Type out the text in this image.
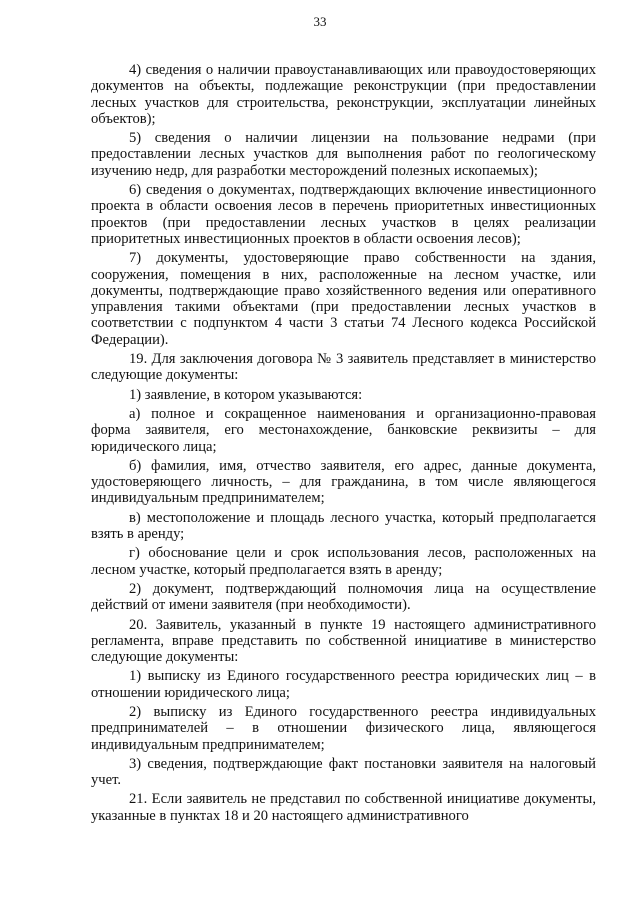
33

4) сведения о наличии правоустанавливающих или правоудостоверяющих документов на объекты, подлежащие реконструкции (при предоставлении лесных участков для строительства, реконструкции, эксплуатации линейных объектов);

5) сведения о наличии лицензии на пользование недрами (при предоставлении лесных участков для выполнения работ по геологическому изучению недр, для разработки месторождений полезных ископаемых);

6) сведения о документах, подтверждающих включение инвестиционного проекта в области освоения лесов в перечень приоритетных инвестиционных проектов (при предоставлении лесных участков в целях реализации приоритетных инвестиционных проектов в области освоения лесов);

7) документы, удостоверяющие право собственности на здания, сооружения, помещения в них, расположенные на лесном участке, или документы, подтверждающие право хозяйственного ведения или оперативного управления такими объектами (при предоставлении лесных участков в соответствии с подпунктом 4 части 3 статьи 74 Лесного кодекса Российской Федерации).

19. Для заключения договора № 3 заявитель представляет в министерство следующие документы:

1) заявление, в котором указываются:

а) полное и сокращенное наименования и организационно-правовая форма заявителя, его местонахождение, банковские реквизиты – для юридического лица;

б) фамилия, имя, отчество заявителя, его адрес, данные документа, удостоверяющего личность, – для гражданина, в том числе являющегося индивидуальным предпринимателем;

в) местоположение и площадь лесного участка, который предполагается взять в аренду;

г) обоснование цели и срок использования лесов, расположенных на лесном участке, который предполагается взять в аренду;

2) документ, подтверждающий полномочия лица на осуществление действий от имени заявителя (при необходимости).

20. Заявитель, указанный в пункте 19 настоящего административного регламента, вправе представить по собственной инициативе в министерство следующие документы:

1) выписку из Единого государственного реестра юридических лиц – в отношении юридического лица;

2) выписку из Единого государственного реестра индивидуальных предпринимателей – в отношении физического лица, являющегося индивидуальным предпринимателем;

3) сведения, подтверждающие факт постановки заявителя на налоговый учет.

21. Если заявитель не представил по собственной инициативе документы, указанные в пунктах 18 и 20 настоящего административного
